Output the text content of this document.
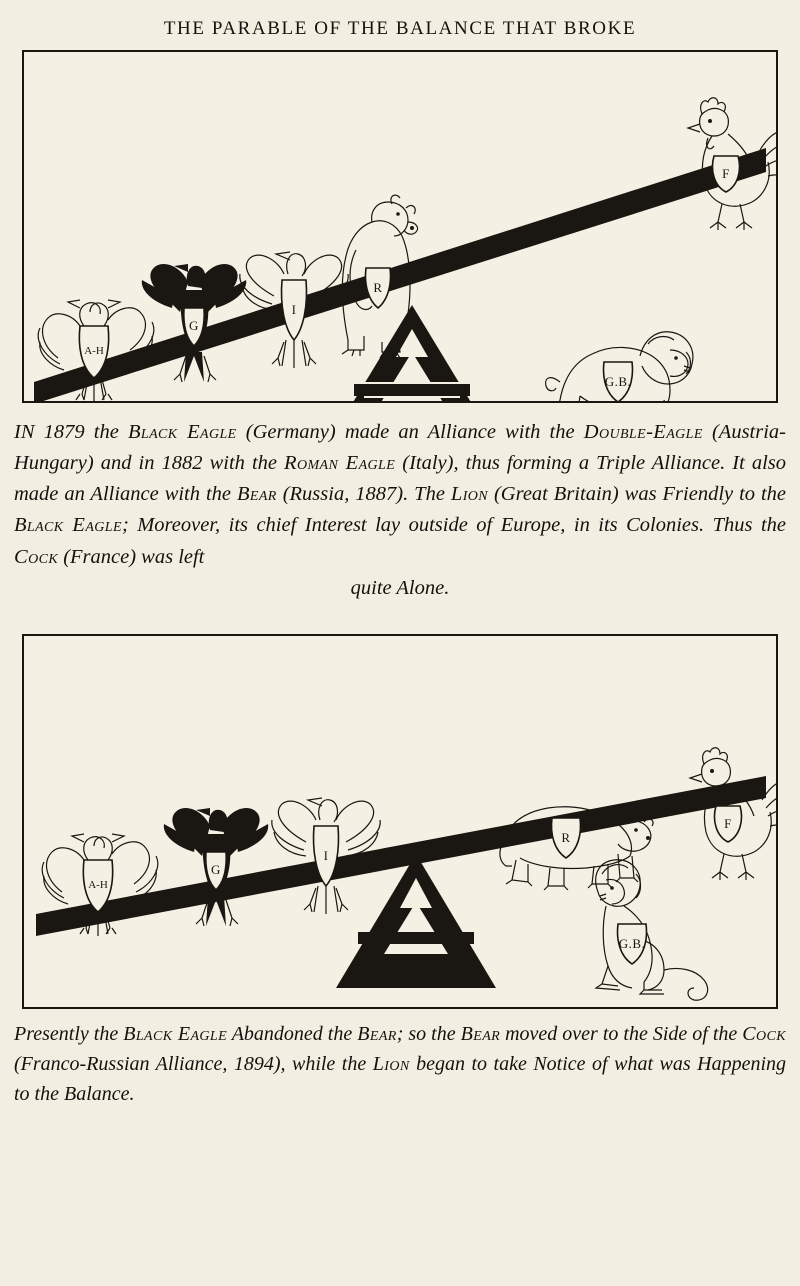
THE PARABLE OF THE BALANCE THAT BROKE
A-H
G
I
R
F
G.B.

IN 1879 the Black Eagle (Germany) made an Alliance with the Double-Eagle (Austria-Hungary) and in 1882 with the Roman Eagle (Italy), thus forming a Triple Alliance. It also made an Alliance with the Bear (Russia, 1887). The Lion (Great Britain) was Friendly to the Black Eagle; Moreover, its chief Interest lay outside of Europe, in its Colonies. Thus the Cock (France) was left
quite Alone.

A-H
G
I
R
F
G.B.

Presently the Black Eagle Abandoned the Bear; so the Bear moved over to the Side of the Cock (Franco-Russian Alliance, 1894), while the Lion began to take Notice of what was Happening to the Balance.
